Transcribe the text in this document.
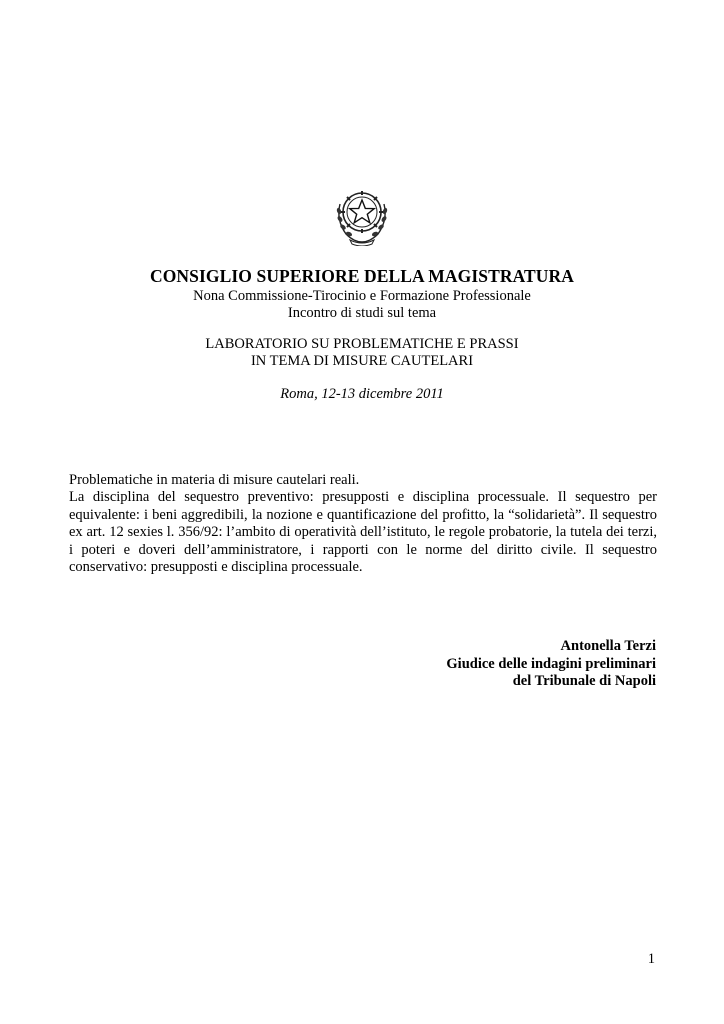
CONSIGLIO SUPERIORE DELLA MAGISTRATURA
Nona Commissione-Tirocinio e Formazione Professionale
Incontro di studi sul tema
LABORATORIO SU PROBLEMATICHE E PRASSI
IN TEMA DI MISURE CAUTELARI
Roma, 12-13 dicembre 2011

Problematiche in materia di misure cautelari reali.

La disciplina del sequestro preventivo: presupposti e disciplina processuale. Il sequestro per equivalente: i beni aggredibili, la nozione e quantificazione del profitto, la “solidarietà”. Il sequestro ex art. 12 sexies l. 356/92: l’ambito di operatività dell’istituto, le regole probatorie, la tutela dei terzi, i poteri e doveri dell’amministratore, i rapporti con le norme del diritto civile. Il sequestro conservativo: presupposti e disciplina processuale.

Antonella Terzi
Giudice delle indagini preliminari
del Tribunale di Napoli
1
